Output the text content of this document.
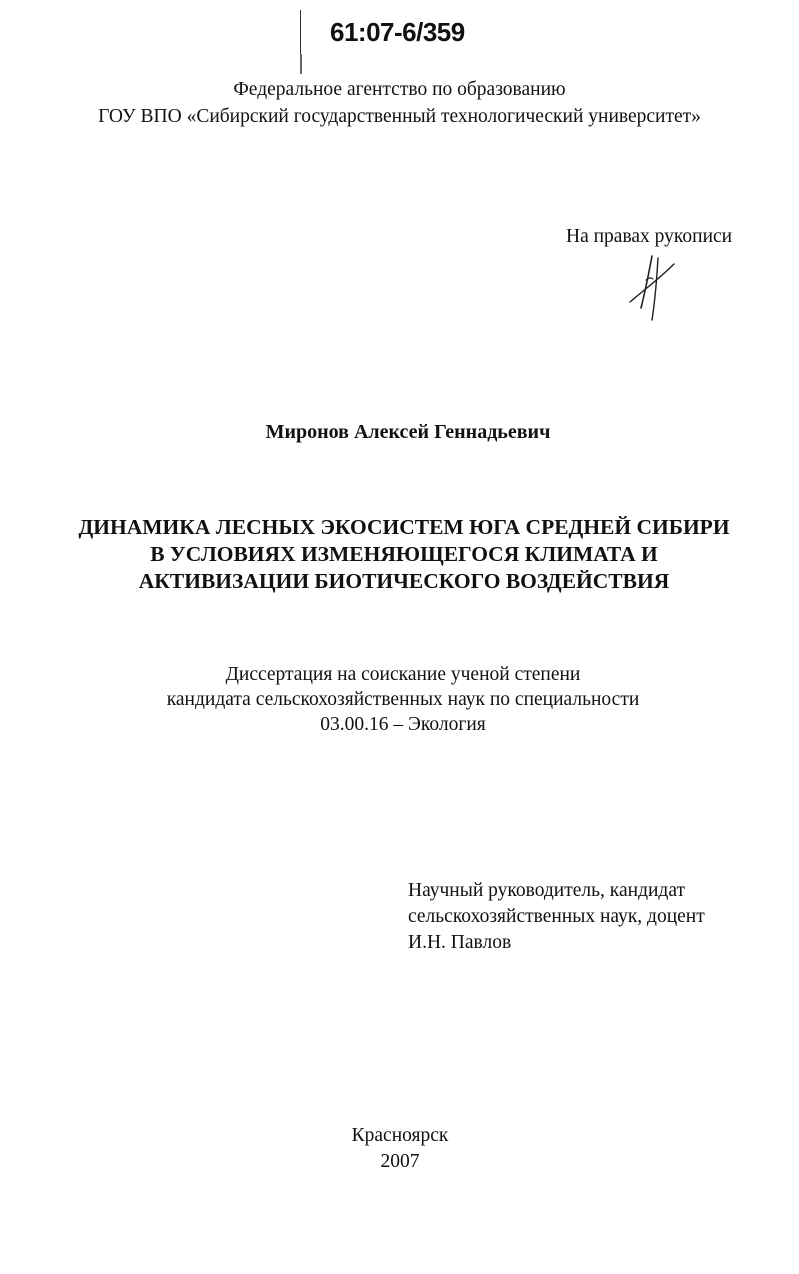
61:07-6/359
Федеральное агентство по образованию
ГОУ ВПО «Сибирский государственный технологический университет»
На правах рукописи
Миронов Алексей Геннадьевич
ДИНАМИКА ЛЕСНЫХ ЭКОСИСТЕМ ЮГА СРЕДНЕЙ СИБИРИ
В УСЛОВИЯХ ИЗМЕНЯЮЩЕГОСЯ КЛИМАТА И
АКТИВИЗАЦИИ БИОТИЧЕСКОГО ВОЗДЕЙСТВИЯ
Диссертация на соискание ученой степени
кандидата сельскохозяйственных наук по специальности
03.00.16 – Экология
Научный руководитель, кандидат
сельскохозяйственных наук, доцент
И.Н. Павлов
Красноярск
2007
